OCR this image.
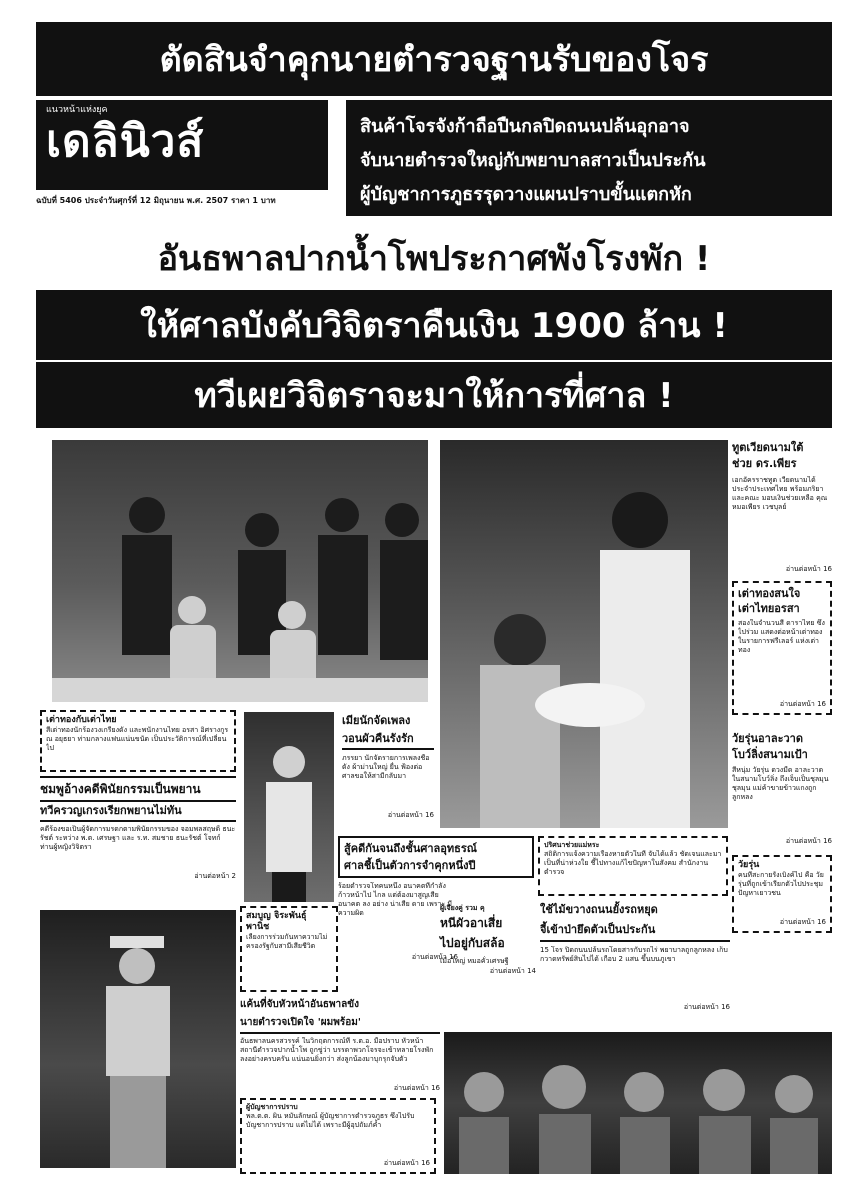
ตัดสินจำคุกนายตำรวจฐานรับของโจร
แนวหน้าแห่งยุค
เดลินิวส์
ฉบับที่ 5406 ประจำวันศุกร์ที่ 12 มิถุนายน พ.ศ. 2507 ราคา 1 บาท
สินค้าโจรจังก้าถือปืนกลปิดถนนปล้นอุกอาจ
จับนายตำรวจใหญ่กับพยาบาลสาวเป็นประกัน
ผู้บัญชาการภูธรรุดวางแผนปราบขั้นแตกหัก
อันธพาลปากน้ำโพประกาศพังโรงพัก !
ให้ศาลบังคับวิจิตราคืนเงิน 1900 ล้าน !
ทวีเผยวิจิตราจะมาให้การที่ศาล !
ทูตเวียดนามใต้
ช่วย ดร.เพียร
เอกอัครราชทูต เวียดนามได้ประจำประเทศไทย พร้อมภริยา และคณะ มอบเงินช่วยเหลือ คุณหมอเพียร เวชบุลย์
อ่านต่อหน้า 16
เต่าทองสนใจ
เต่าไทยอรสา
สองในจำนวนสี่ ดาราไทย ซึ่งไปร่วม แสดงต่อหน้าเต่าทอง ในรายการฟรีเลอร์ แห่งเต่าทอง
อ่านต่อหน้า 16
วัยรุ่นอาละวาด
โบว์ลิ่งสนามเป้า
สี่หนุ่ม วัยรุ่น ดวงมืด อาละวาด ในสนามโบว์ลิ่ง ถึงเจ็บเป็นชุลมุนชุลมุน แม่ค้าขายข้าวแกงถูกลูกหลง
อ่านต่อหน้า 16
วัยรุ่น
คนที่สะกายรั้งเบิ่งค์ไป คือ วัยรุ่นที่ถูกเข้าเรียกตัวไปประชุมปัญหาเยาวชน
อ่านต่อหน้า 16
เต่าทองกับเต่าไทย
สี่เต่าทองนักร้องวงเกรียงดัง และพนักงานไทย อรสา อิศรางกูร ณ อยุธยา ท่ามกลางแฟนแน่นขนัด เป็นประวัติการณ์ที่เปลี่ยนไป
ชมพูอ้างคดีพินัยกรรมเป็นพยาน
ทวีครวญเกรงเรียกพยานไม่ทัน
คดีร้องขอเป็นผู้จัดการมรดกตามพินัยกรรมของ จอมพลสฤษดิ์ ธนะรัชต์ ระหว่าง พ.ต. เศรษฐา และ ร.ท. สมชาย ธนะรัชต์ โจทก์ ท่านผู้หญิงวิจิตรา
อ่านต่อหน้า 2
สมบูญ จิระพันธุ์
พานิช
เลี้ยงการร่วมกันหาความไม่ครองรัฐกับสามีเสียชีวิต
เมียนักจัดเพลง
วอนผัวคืนรังรัก
ภรรยา นักจัดรายการเพลงชื่อดัง ผ้าม่านใหญ่ ยื่น ฟ้องต่อศาลขอให้สามีกลับมา
อ่านต่อหน้า 16
สู้คดีกันจนถึงชั้นศาลอุทธรณ์
ศาลชี้เป็นตัวการจำคุกหนึ่งปี
ร้อยตำรวจโทคนหนึ่ง อนาคตที่กำลังก้าวหน้าไป ไกล แต่ต้องมาสูญเสีย อนาคต ลง อย่าง น่าเสีย ดาย เพราะ มีความผิด
อ่านต่อหน้า 16
ผู้เจียงคู่ รวม คุ
หนีผัวอาเสี่ย
ไปอยู่กับสล้อ
เมื่อใหญ่ หมอคั่วเศรษฐี
อ่านต่อหน้า 14
ปริศนาช่วยแม่หระ
สถิติการแจ้งความเรื่องหายตัวในที่ จับได้แล้ว ชัดเจนและมาเป็นที่น่าห่วงใย ชี้ไปทางแก้ไขปัญหาในสังคม สำนักงานตำรวจ
ใช้ไม้ขวางถนนยั้งรถหยุด
จี้เข้าป่ายึดตัวเป็นประกัน
15 โจร ปิดถนนปล้นรถโดยสารกับรถไร่ พยาบาลถูกลูกหลง เก็บกวาดทรัพย์สินไปได้ เกือบ 2 แสน ขึ้นบนภูเขา
อ่านต่อหน้า 16
แค้นที่จับหัวหน้าอันธพาลขัง
นายตำรวจเปิดใจ 'ผมพร้อม'
อันธพาลนครสวรรค์ ในวิกฤตการณ์ที่ ร.ต.อ. มือปราบ หัวหน้าสถานีตำรวจปากน้ำโพ ถูกขู่ว่า บรรดาพวกโจรจะเข้าทลายโรงพัก ลงอย่างครบครัน แน่นอนยิ่งกว่า ส่งลูกน้องมาบุกรุกจับตัว
อ่านต่อหน้า 16
ผู้บัญชาการปราบ
พล.ต.ต. ผิน หมั่นลักษณ์ ผู้บัญชาการตำรวจภูธร ซึ่งไปรับบัญชาการปราบ แต่ไม่ได้ เพราะมีผู้อุปถัมภ์ค้ำ
อ่านต่อหน้า 16
